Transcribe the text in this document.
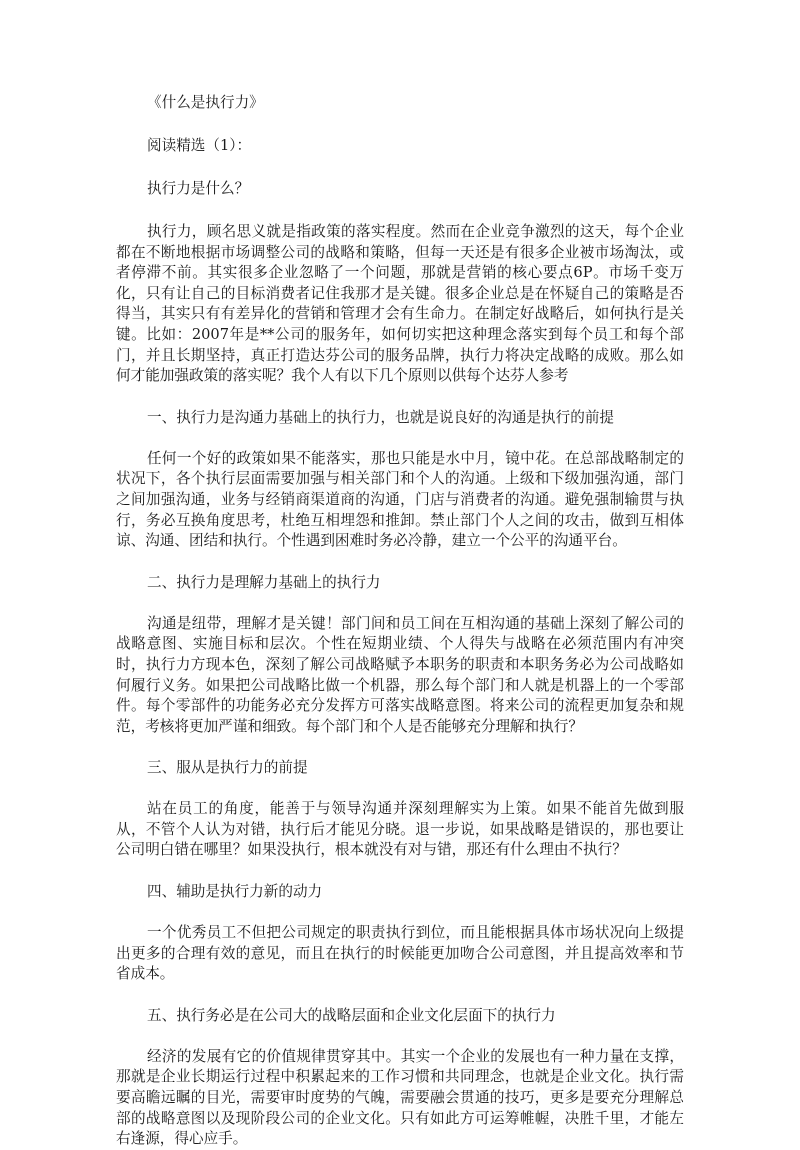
《什么是执行力》

阅读精选（1）：

执行力是什么？

执行力，顾名思义就是指政策的落实程度。然而在企业竞争激烈的这天，每个企业都在不断地根据市场调整公司的战略和策略，但每一天还是有很多企业被市场淘汰，或者停滞不前。其实很多企业忽略了一个问题，那就是营销的核心要点6P。市场千变万化，只有让自己的目标消费者记住我那才是关键。很多企业总是在怀疑自己的策略是否得当，其实只有有差异化的营销和管理才会有生命力。在制定好战略后，如何执行是关键。比如：2007年是**公司的服务年，如何切实把这种理念落实到每个员工和每个部门，并且长期坚持，真正打造达芬公司的服务品牌，执行力将决定战略的成败。那么如何才能加强政策的落实呢？我个人有以下几个原则以供每个达芬人参考

一、执行力是沟通力基础上的执行力，也就是说良好的沟通是执行的前提

任何一个好的政策如果不能落实，那也只能是水中月，镜中花。在总部战略制定的状况下，各个执行层面需要加强与相关部门和个人的沟通。上级和下级加强沟通，部门之间加强沟通，业务与经销商渠道商的沟通，门店与消费者的沟通。避免强制输贯与执行，务必互换角度思考，杜绝互相埋怨和推卸。禁止部门个人之间的攻击，做到互相体谅、沟通、团结和执行。个性遇到困难时务必冷静，建立一个公平的沟通平台。

二、执行力是理解力基础上的执行力

沟通是纽带，理解才是关键！部门间和员工间在互相沟通的基础上深刻了解公司的战略意图、实施目标和层次。个性在短期业绩、个人得失与战略在必须范围内有冲突时，执行力方现本色，深刻了解公司战略赋予本职务的职责和本职务务必为公司战略如何履行义务。如果把公司战略比做一个机器，那么每个部门和人就是机器上的一个零部件。每个零部件的功能务必充分发挥方可落实战略意图。将来公司的流程更加复杂和规范，考核将更加严谨和细致。每个部门和个人是否能够充分理解和执行？

三、服从是执行力的前提

站在员工的角度，能善于与领导沟通并深刻理解实为上策。如果不能首先做到服从，不管个人认为对错，执行后才能见分晓。退一步说，如果战略是错误的，那也要让公司明白错在哪里？如果没执行，根本就没有对与错，那还有什么理由不执行？

四、辅助是执行力新的动力

一个优秀员工不但把公司规定的职责执行到位，而且能根据具体市场状况向上级提出更多的合理有效的意见，而且在执行的时候能更加吻合公司意图，并且提高效率和节省成本。

五、执行务必是在公司大的战略层面和企业文化层面下的执行力

经济的发展有它的价值规律贯穿其中。其实一个企业的发展也有一种力量在支撑，那就是企业长期运行过程中积累起来的工作习惯和共同理念，也就是企业文化。执行需要高瞻远瞩的目光，需要审时度势的气魄，需要融会贯通的技巧，更多是要充分理解总部的战略意图以及现阶段公司的企业文化。只有如此方可运筹帷幄，决胜千里，才能左右逢源，得心应手。
